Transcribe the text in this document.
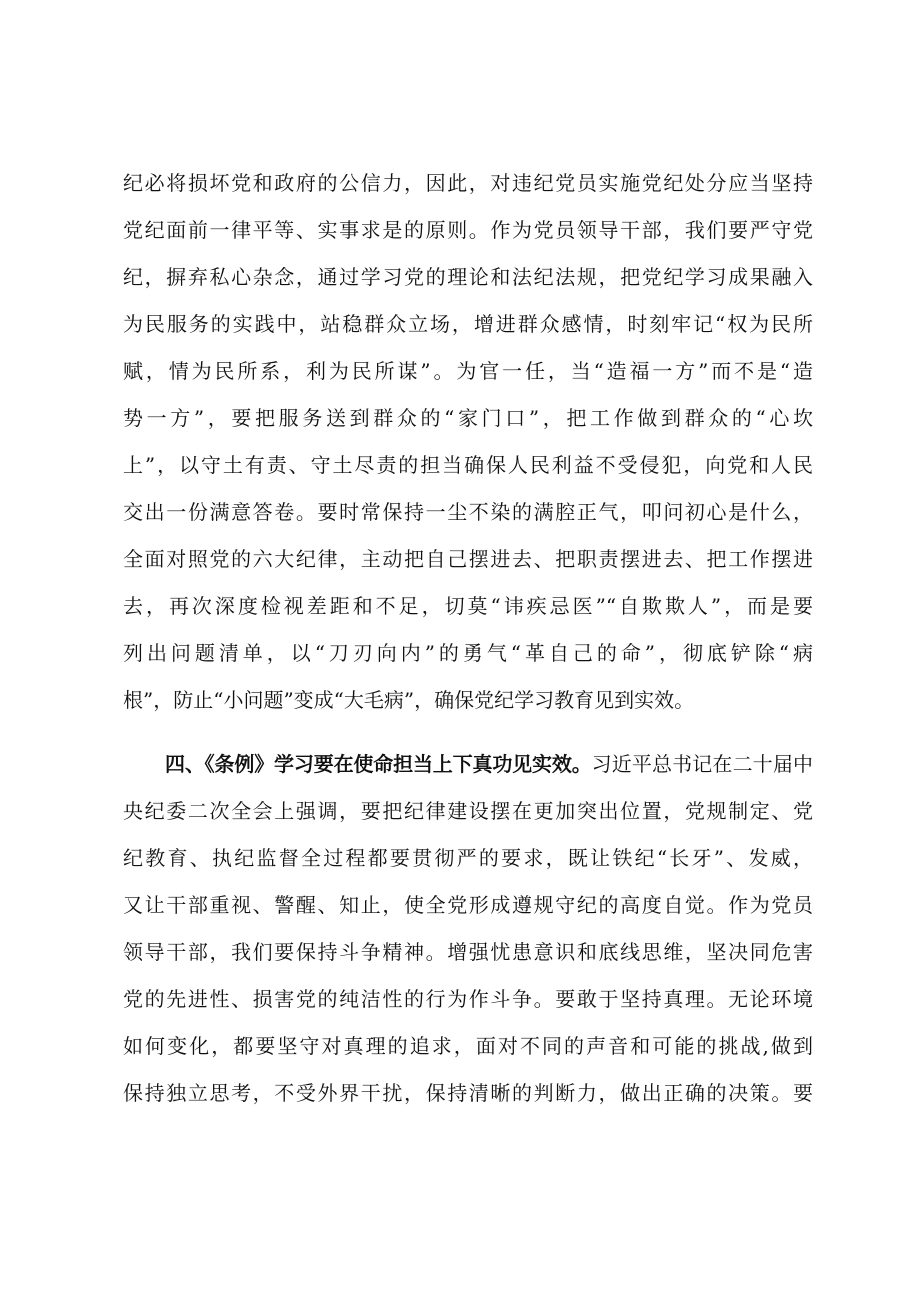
纪必将损坏党和政府的公信力，因此，对违纪党员实施党纪处分应当坚持
党纪面前一律平等、实事求是的原则。作为党员领导干部，我们要严守党
纪，摒弃私心杂念，通过学习党的理论和法纪法规，把党纪学习成果融入
为民服务的实践中，站稳群众立场，增进群众感情，时刻牢记“权为民所
赋，情为民所系，利为民所谋”。为官一任，当“造福一方”而不是“造
势一方”，要把服务送到群众的“家门口”，把工作做到群众的“心坎
上”，以守土有责、守土尽责的担当确保人民利益不受侵犯，向党和人民
交出一份满意答卷。要时常保持一尘不染的满腔正气，叩问初心是什么，
全面对照党的六大纪律，主动把自己摆进去、把职责摆进去、把工作摆进
去，再次深度检视差距和不足，切莫“讳疾忌医”“自欺欺人”，而是要
列出问题清单，以“刀刃向内”的勇气“革自己的命”，彻底铲除“病
根”，防止“小问题”变成“大毛病”，确保党纪学习教育见到实效。
四、《条例》学习要在使命担当上下真功见实效。习近平总书记在二十届中
央纪委二次全会上强调，要把纪律建设摆在更加突出位置，党规制定、党
纪教育、执纪监督全过程都要贯彻严的要求，既让铁纪“长牙”、发威，
又让干部重视、警醒、知止，使全党形成遵规守纪的高度自觉。作为党员
领导干部，我们要保持斗争精神。增强忧患意识和底线思维，坚决同危害
党的先进性、损害党的纯洁性的行为作斗争。要敢于坚持真理。无论环境
如何变化，都要坚守对真理的追求，面对不同的声音和可能的挑战,做到
保持独立思考，不受外界干扰，保持清晰的判断力，做出正确的决策。要
